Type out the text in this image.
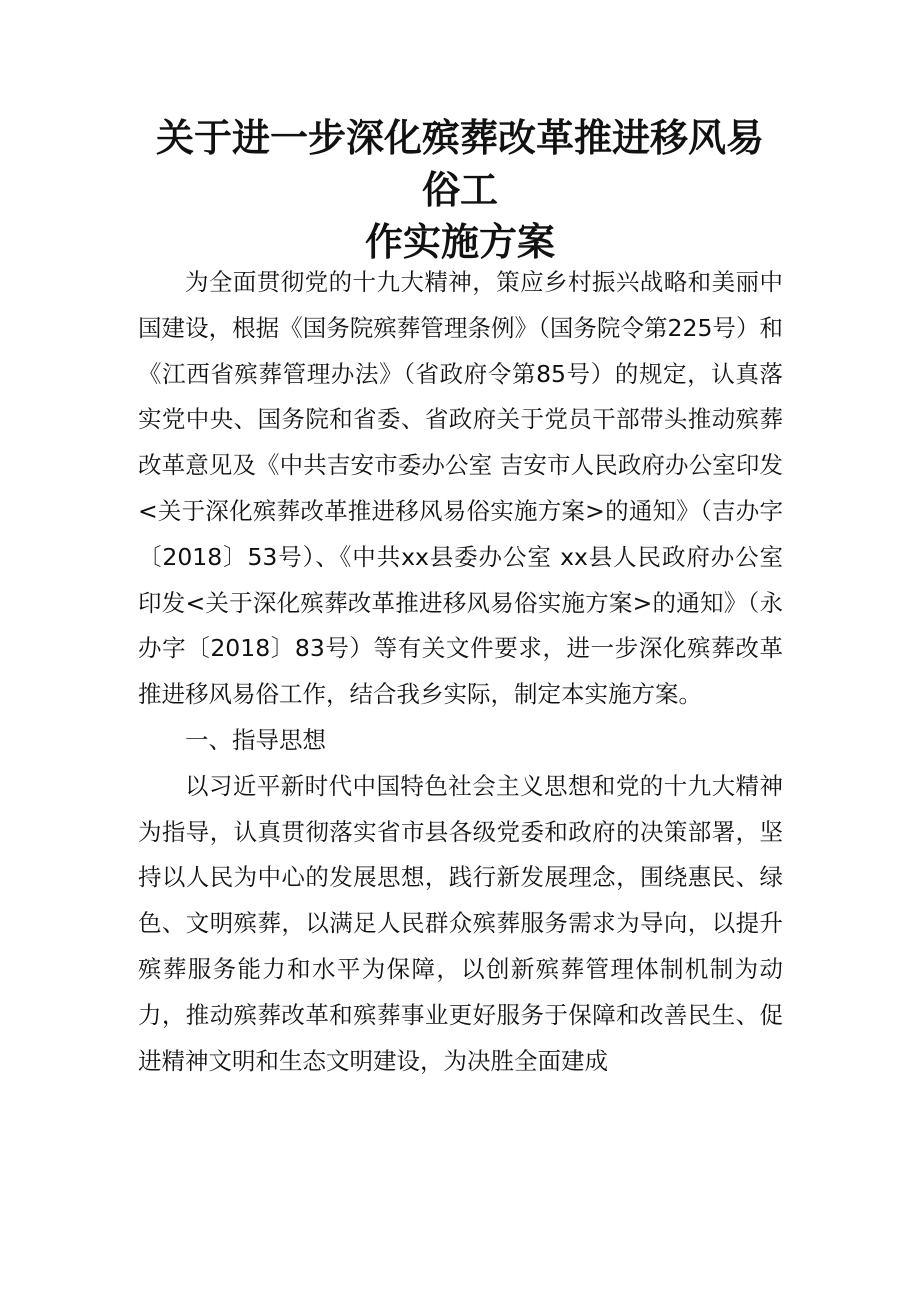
关于进一步深化殡葬改革推进移风易俗工
作实施方案

为全面贯彻党的十九大精神，策应乡村振兴战略和美丽中国建设，根据《国务院殡葬管理条例》（国务院令第225号）和《江西省殡葬管理办法》（省政府令第85号）的规定，认真落实党中央、国务院和省委、省政府关于党员干部带头推动殡葬改革意见及《中共吉安市委办公室 吉安市人民政府办公室印发<关于深化殡葬改革推进移风易俗实施方案>的通知》（吉办字〔2018〕53号）、《中共xx县委办公室 xx县人民政府办公室印发<关于深化殡葬改革推进移风易俗实施方案>的通知》（永办字〔2018〕83号）等有关文件要求，进一步深化殡葬改革推进移风易俗工作，结合我乡实际，制定本实施方案。

一、指导思想

以习近平新时代中国特色社会主义思想和党的十九大精神为指导，认真贯彻落实省市县各级党委和政府的决策部署，坚持以人民为中心的发展思想，践行新发展理念，围绕惠民、绿色、文明殡葬，以满足人民群众殡葬服务需求为导向，以提升殡葬服务能力和水平为保障，以创新殡葬管理体制机制为动力，推动殡葬改革和殡葬事业更好服务于保障和改善民生、促进精神文明和生态文明建设，为决胜全面建成
